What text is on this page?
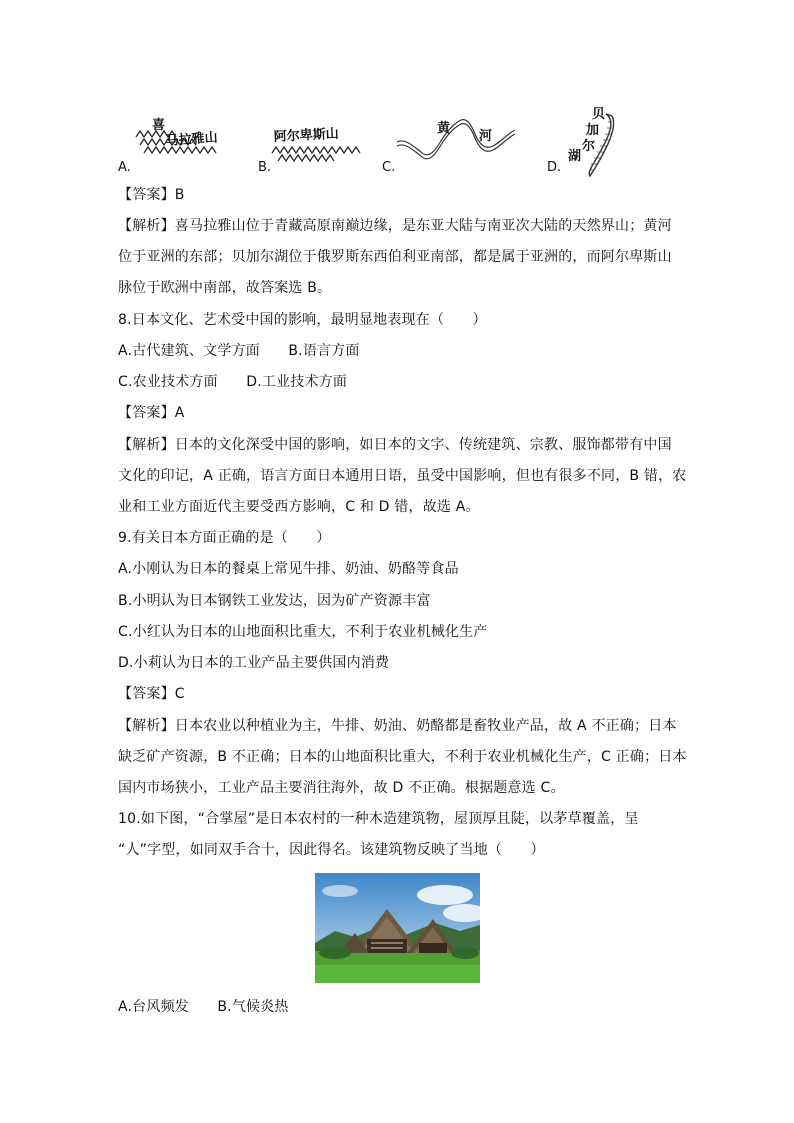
A.
喜
马拉雅山
B.
阿尔卑斯山
C.
黄
河
D.
贝
加
尔
湖
【答案】B
【解析】喜马拉雅山位于青藏高原南巅边缘，是东亚大陆与南亚次大陆的天然界山；黄河
位于亚洲的东部；贝加尔湖位于俄罗斯东西伯利亚南部，都是属于亚洲的，而阿尔卑斯山
脉位于欧洲中南部，故答案选 B。
8.日本文化、艺术受中国的影响，最明显地表现在（　　）
A.古代建筑、文学方面　　B.语言方面
C.农业技术方面　　D.工业技术方面
【答案】A
【解析】日本的文化深受中国的影响，如日本的文字、传统建筑、宗教、服饰都带有中国
文化的印记，A 正确，语言方面日本通用日语，虽受中国影响，但也有很多不同，B 错，农
业和工业方面近代主要受西方影响，C 和 D 错，故选 A。
9.有关日本方面正确的是（　　）
A.小刚认为日本的餐桌上常见牛排、奶油、奶酪等食品
B.小明认为日本钢铁工业发达，因为矿产资源丰富
C.小红认为日本的山地面积比重大，不利于农业机械化生产
D.小莉认为日本的工业产品主要供国内消费
【答案】C
【解析】日本农业以种植业为主，牛排、奶油、奶酪都是畜牧业产品，故 A 不正确；日本
缺乏矿产资源，B 不正确；日本的山地面积比重大，不利于农业机械化生产，C 正确；日本
国内市场狭小，工业产品主要消往海外，故 D 不正确。根据题意选 C。
10.如下图，“合掌屋”是日本农村的一种木造建筑物，屋顶厚且陡，以茅草覆盖，呈
“人”字型，如同双手合十，因此得名。该建筑物反映了当地（　　）
A.台风频发　　B.气候炎热
